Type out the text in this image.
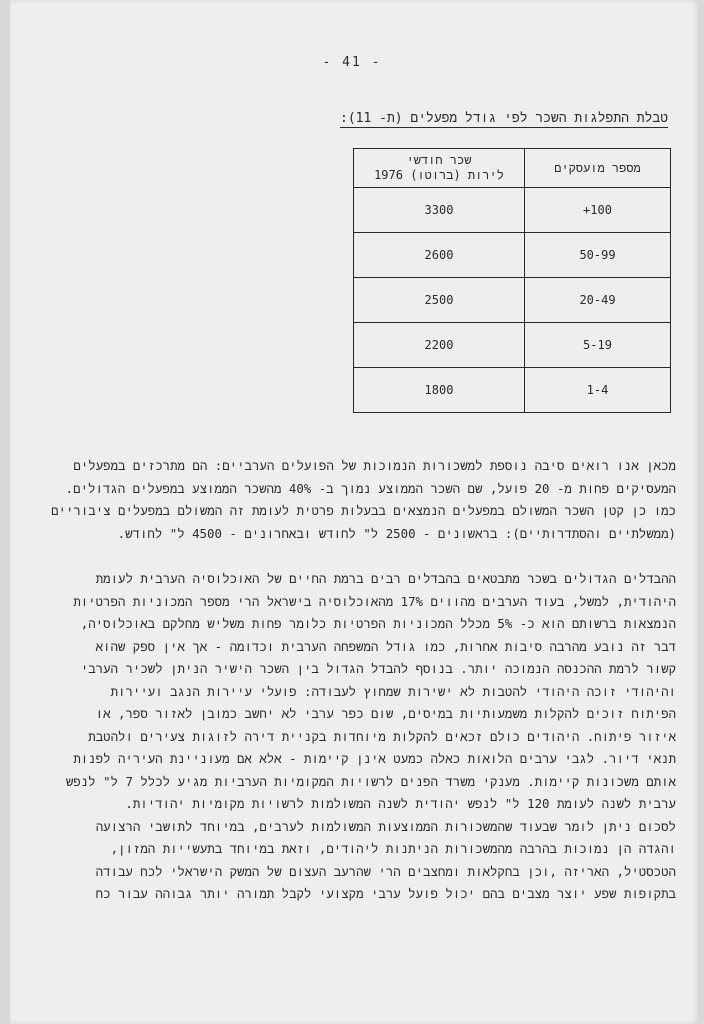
- 41 -
טבלת התפלגות השכר לפי גודל מפעלים (ת- 11):
מספר מועסקים	שכר חודשי
לירות (ברוטו) 1976
100+	3300
50-99	2600
20-49	2500
5-19	2200
1-4	1800
מכאן אנו רואים סיבה נוספת למשכורות הנמוכות של הפועלים הערביים: הם מתרכזים במפעלים
המעסיקים פחות מ- 20 פועל, שם השכר הממוצע נמוך ב- 40% מהשכר הממוצע במפעלים הגדולים.
כמו כן קטן השכר המשולם במפעלים הנמצאים בבעלות פרטית לעומת זה המשולם במפעלים ציבוריים
(ממשלתיים והסתדרותיים): בראשונים - 2500 ל" לחודש ובאחרונים - 4500 ל" לחודש.
ההבדלים הגדולים בשכר מתבטאים בהבדלים רבים ברמת החיים של האוכלוסיה הערבית לעומת
היהודית, למשל, בעוד הערבים מהווים 17% מהאוכלוסיה בישראל הרי מספר המכוניות הפרטיות
הנמצאות ברשותם הוא כ- 5% מכלל המכוניות הפרטיות כלומר פחות משליש מחלקם באוכלוסיה,
דבר זה נובע מהרבה סיבות אחרות, כמו גודל המשפחה הערבית וכדומה - אך אין ספק שהוא
קשור לרמת ההכנסה הנמוכה יותר. בנוסף להבדל הגדול בין השכר הישיר הניתן לשכיר הערבי
והיהודי זוכה היהודי להטבות לא ישירות שמחוץ לעבודה: פועלי עיירות הנגב ועיירות
הפיתוח זוכים להקלות משמעותיות במיסים, שום כפר ערבי לא יחשב כמובן לאזור ספר, או
איזור פיתוח. היהודים כולם זכאים להקלות מיוחדות בקניית דירה לזוגות צעירים ולהטבת
תנאי דיור. לגבי ערבים הלואות כאלה כמעט אינן קיימות - אלא אם מעוניינת העיריה לפנות
אותם משכונות קיימות. מענקי משרד הפנים לרשויות המקומיות הערביות מגיע לכלל 7 ל" לנפש
ערבית לשנה לעומת 120 ל" לנפש יהודית לשנה המשולמות לרשויות מקומיות יהודיות.
לסכום ניתן לומר שבעוד שהמשכורות הממוצעות המשולמות לערבים, במיוחד לתושבי הרצועה
והגדה הן נמוכות בהרבה מהמשכורות הניתנות ליהודים, וזאת במיוחד בתעשייות המזון,
הטכסטיל, האריזה ,וכן בחקלאות ומחצבים הרי שהרעב העצום של המשק הישראלי לכח עבודה
בתקופות שפע יוצר מצבים בהם יכול פועל ערבי מקצועי לקבל תמורה יותר גבוהה עבור כח
